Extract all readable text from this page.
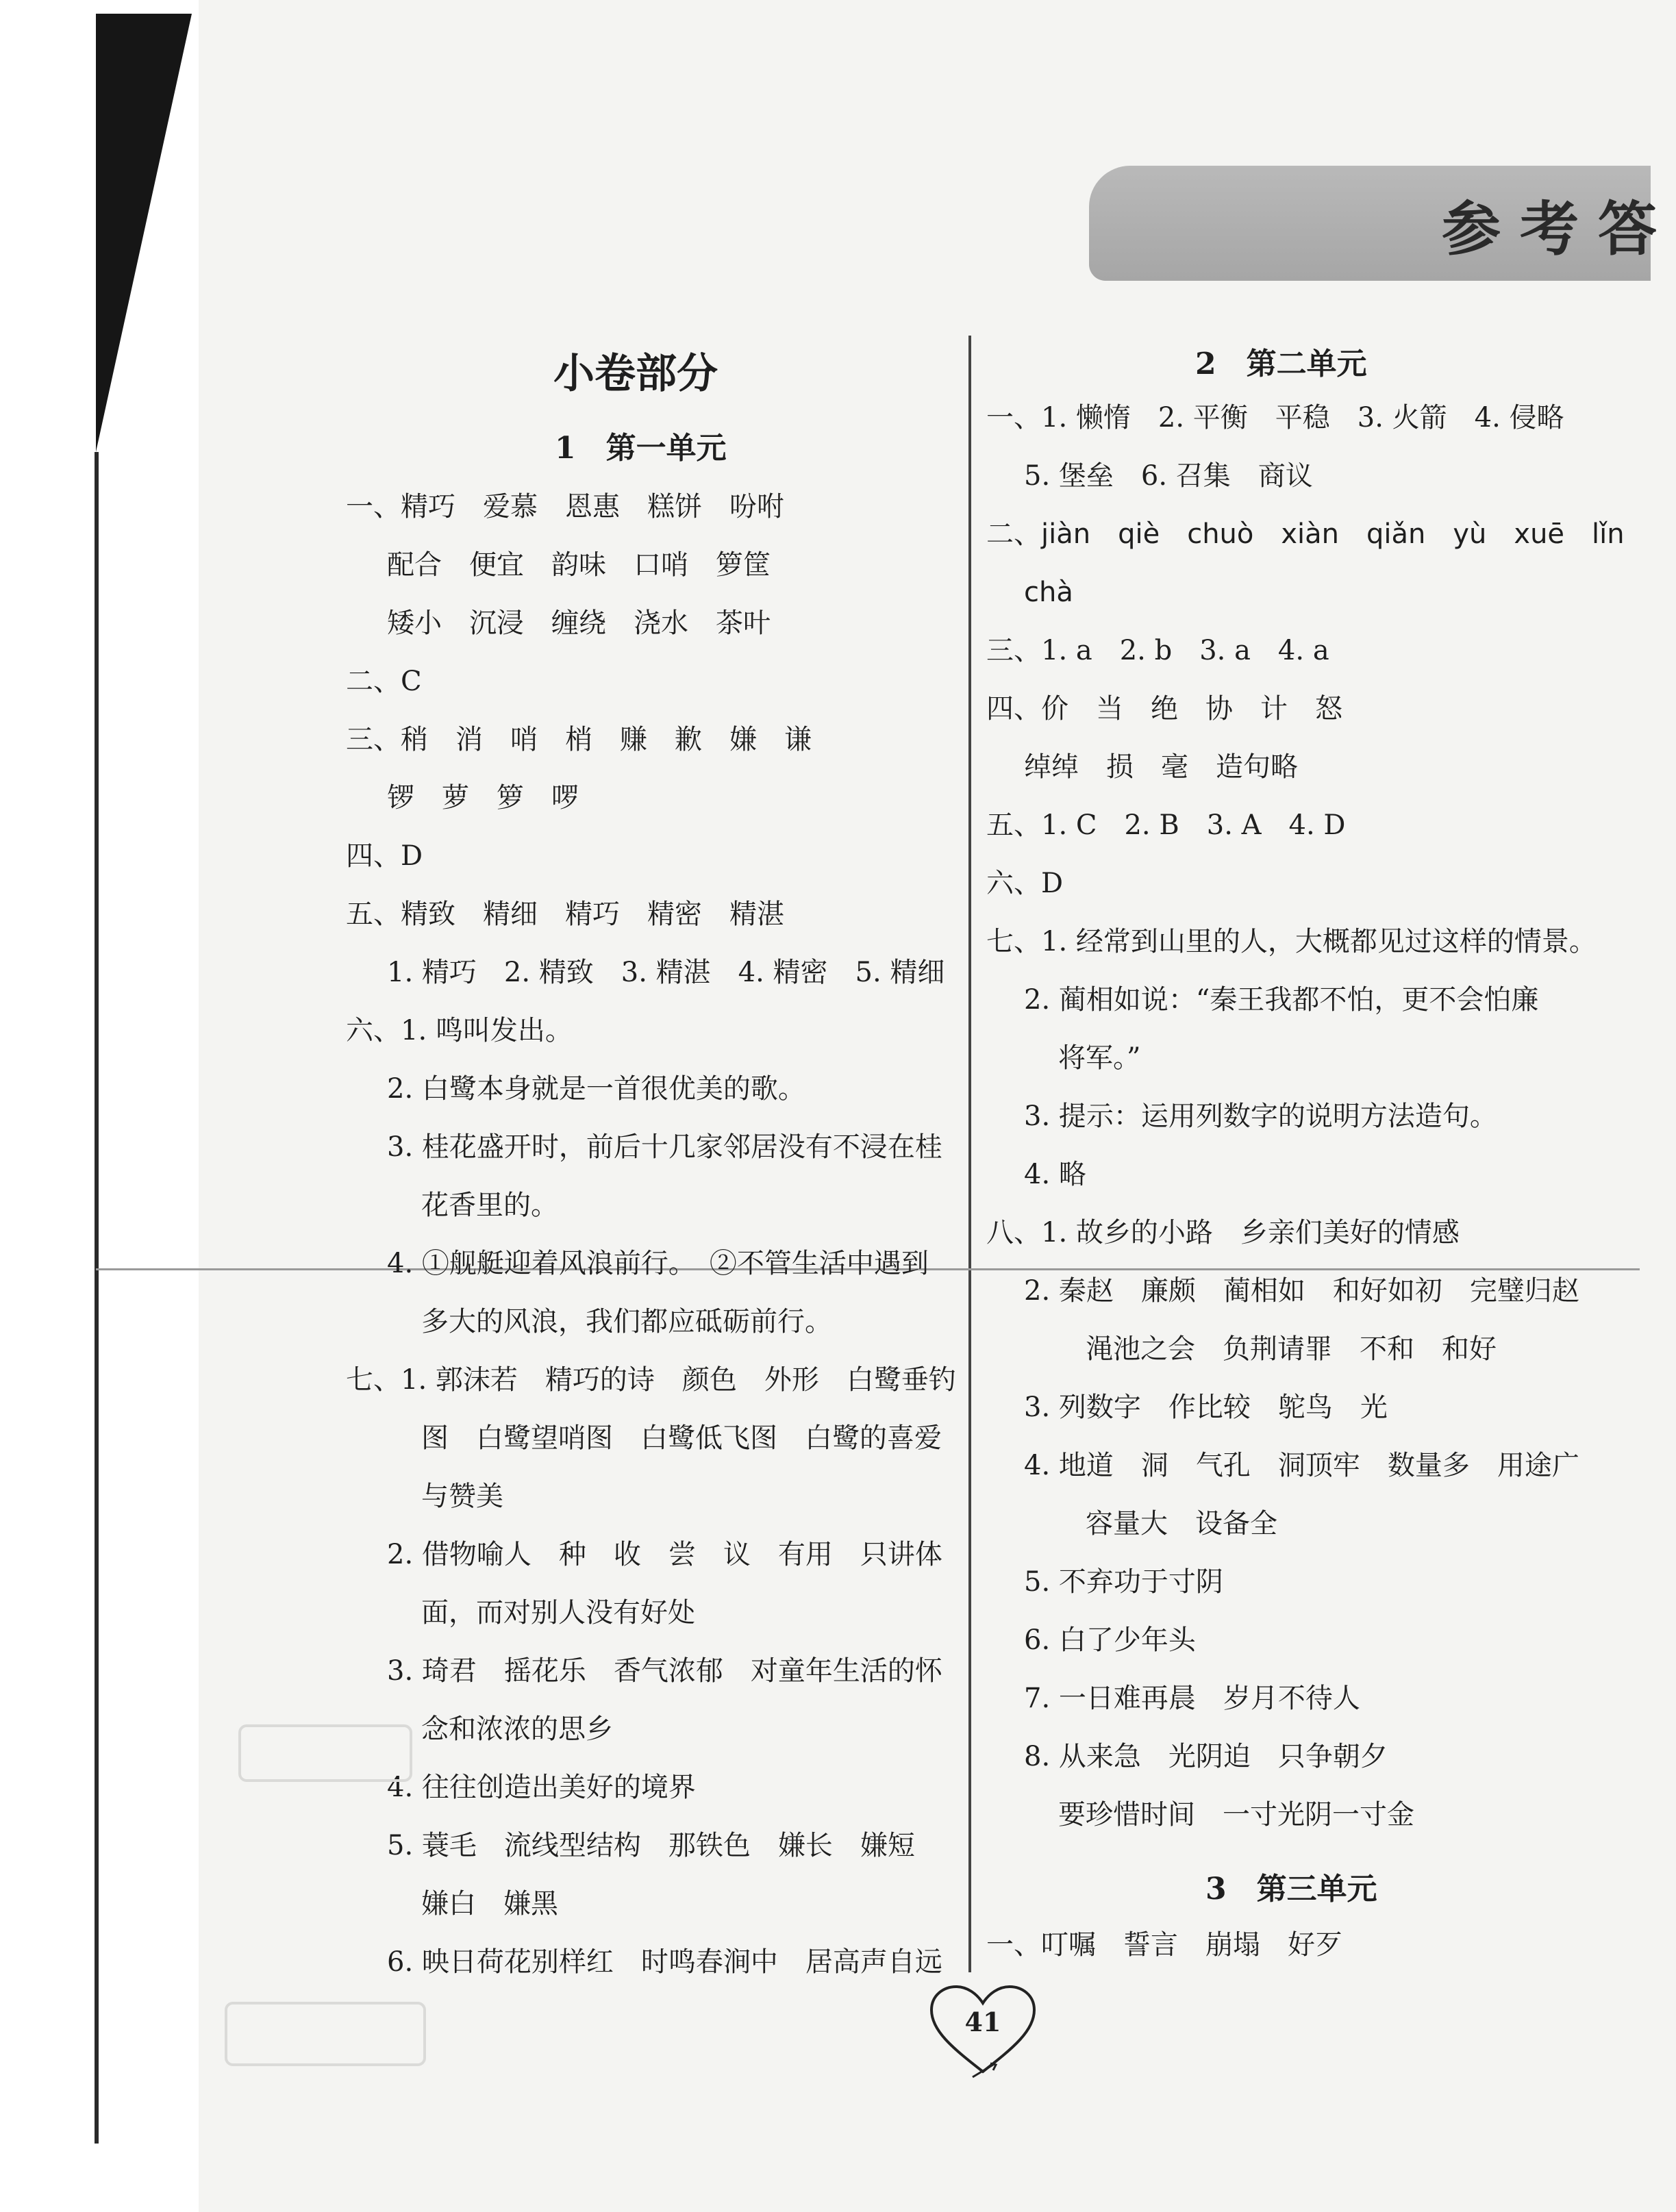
参考答
小卷部分
1　第一单元
一、精巧　爱慕　恩惠　糕饼　吩咐
配合　便宜　韵味　口哨　箩筐
矮小　沉浸　缠绕　浇水　茶叶
二、C
三、稍　消　哨　梢　赚　歉　嫌　谦
锣　萝　箩　啰
四、D
五、精致　精细　精巧　精密　精湛
1. 精巧　2. 精致　3. 精湛　4. 精密　5. 精细
六、1. 鸣叫发出。
2. 白鹭本身就是一首很优美的歌。
3. 桂花盛开时，前后十几家邻居没有不浸在桂
花香里的。
4. ①舰艇迎着风浪前行。　②不管生活中遇到
多大的风浪，我们都应砥砺前行。
七、1. 郭沫若　精巧的诗　颜色　外形　白鹭垂钓
图　白鹭望哨图　白鹭低飞图　白鹭的喜爱
与赞美
2. 借物喻人　种　收　尝　议　有用　只讲体
面，而对别人没有好处
3. 琦君　摇花乐　香气浓郁　对童年生活的怀
念和浓浓的思乡
4. 往往创造出美好的境界
5. 蓑毛　流线型结构　那铁色　嫌长　嫌短
嫌白　嫌黑
6. 映日荷花别样红　时鸣春涧中　居高声自远
2　第二单元
一、1. 懒惰　2. 平衡　平稳　3. 火箭　4. 侵略
5. 堡垒　6. 召集　商议
二、jiàn　qiè　chuò　xiàn　qiǎn　yù　xuē　lǐn
chà
三、1. a　2. b　3. a　4. a
四、价　当　绝　协　计　怒
绰绰　损　毫　造句略
五、1. C　2. B　3. A　4. D
六、D
七、1. 经常到山里的人，大概都见过这样的情景。
2. 蔺相如说：“秦王我都不怕，更不会怕廉
将军。”
3. 提示：运用列数字的说明方法造句。
4. 略
八、1. 故乡的小路　乡亲们美好的情感
2. 秦赵　廉颇　蔺相如　和好如初　完璧归赵
渑池之会　负荆请罪　不和　和好
3. 列数字　作比较　鸵鸟　光
4. 地道　洞　气孔　洞顶牢　数量多　用途广
容量大　设备全
5. 不弃功于寸阴
6. 白了少年头
7. 一日难再晨　岁月不待人
8. 从来急　光阴迫　只争朝夕
要珍惜时间　一寸光阴一寸金
3　第三单元
一、叮嘱　誓言　崩塌　好歹
41
